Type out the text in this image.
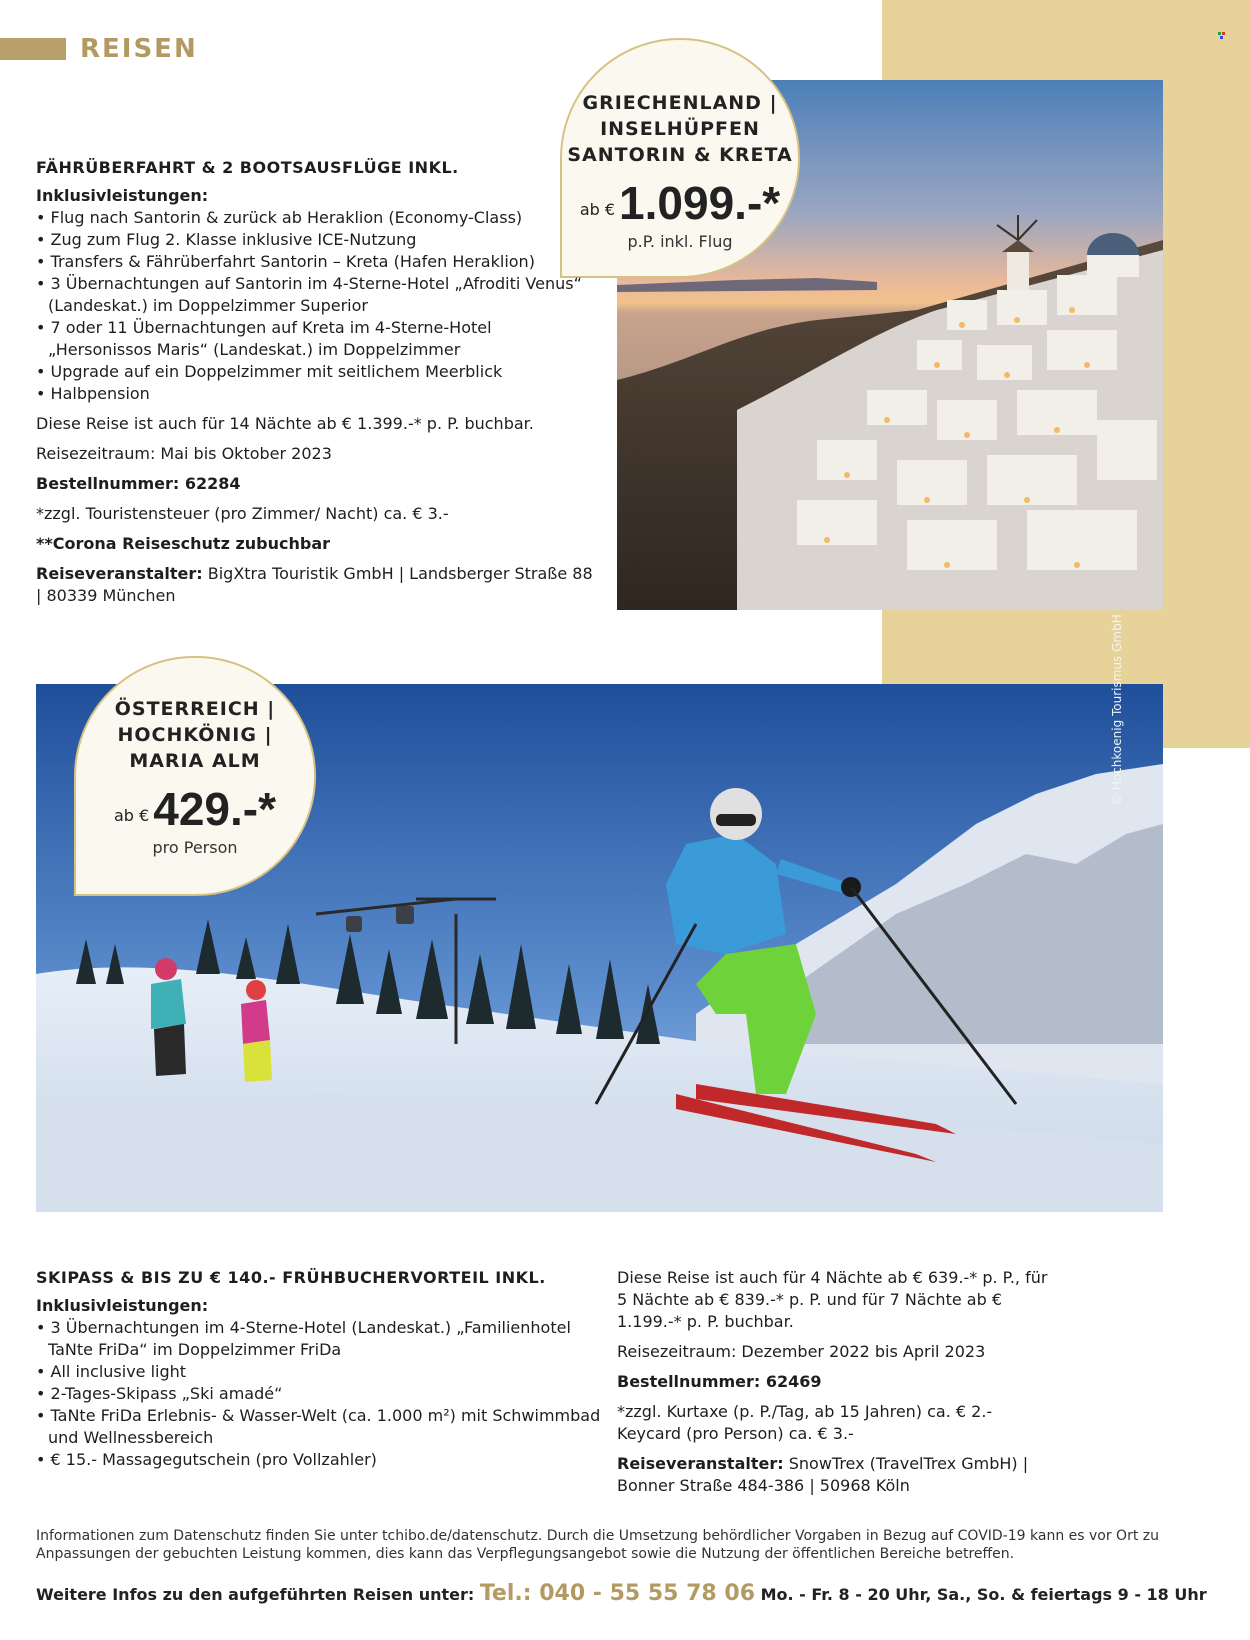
REISEN
GRIECHENLAND |
INSELHÜPFEN
SANTORIN & KRETA
ab € 1.099.-*
p.P. inkl. Flug
FÄHRÜBERFAHRT & 2 BOOTSAUSFLÜGE INKL.
Inklusivleistungen:
• Flug nach Santorin & zurück ab Heraklion (Economy-Class)
• Zug zum Flug 2. Klasse inklusive ICE-Nutzung
• Transfers & Fährüberfahrt Santorin – Kreta (Hafen Heraklion)
• 3 Übernachtungen auf Santorin im 4-Sterne-Hotel „Afroditi Venus“ (Landeskat.) im Doppelzimmer Superior
• 7 oder 11 Übernachtungen auf Kreta im 4-Sterne-Hotel „Hersonissos Maris“ (Landeskat.) im Doppelzimmer
• Upgrade auf ein Doppelzimmer mit seitlichem Meerblick
• Halbpension
Diese Reise ist auch für 14 Nächte ab € 1.399.-* p. P. buchbar.
Reisezeitraum: Mai bis Oktober 2023
Bestellnummer: 62284
*zzgl. Touristensteuer (pro Zimmer/ Nacht) ca. € 3.-
**Corona Reiseschutz zubuchbar
Reiseveranstalter: BigXtra Touristik GmbH | Landsberger Straße 88 | 80339 München
© Hochkoenig Tourismus GmbH
ÖSTERREICH |
HOCHKÖNIG |
MARIA ALM
ab € 429.-*
pro Person
SKIPASS & BIS ZU € 140.- FRÜHBUCHERVORTEIL INKL.
Inklusivleistungen:
• 3 Übernachtungen im 4-Sterne-Hotel (Landeskat.) „Familienhotel TaNte FriDa“ im Doppelzimmer FriDa
• All inclusive light
• 2-Tages-Skipass „Ski amadé“
• TaNte FriDa Erlebnis- & Wasser-Welt (ca. 1.000 m²) mit Schwimmbad und Wellnessbereich
• € 15.- Massagegutschein (pro Vollzahler)
Diese Reise ist auch für 4 Nächte ab € 639.-* p. P., für 5 Nächte ab € 839.-* p. P. und für 7 Nächte ab € 1.199.-* p. P. buchbar.
Reisezeitraum: Dezember 2022 bis April 2023
Bestellnummer: 62469
*zzgl. Kurtaxe (p. P./Tag, ab 15 Jahren) ca. € 2.- Keycard (pro Person) ca. € 3.-
Reiseveranstalter: SnowTrex (TravelTrex GmbH) | Bonner Straße 484-386 | 50968 Köln
Informationen zum Datenschutz finden Sie unter tchibo.de/datenschutz. Durch die Umsetzung behördlicher Vorgaben in Bezug auf COVID-19 kann es vor Ort zu Anpassungen der gebuchten Leistung kommen, dies kann das Verpflegungsangebot sowie die Nutzung der öffentlichen Bereiche betreffen.
Weitere Infos zu den aufgeführten Reisen unter: Tel.: 040 - 55 55 78 06 Mo. - Fr. 8 - 20 Uhr, Sa., So. & feiertags 9 - 18 Uhr
